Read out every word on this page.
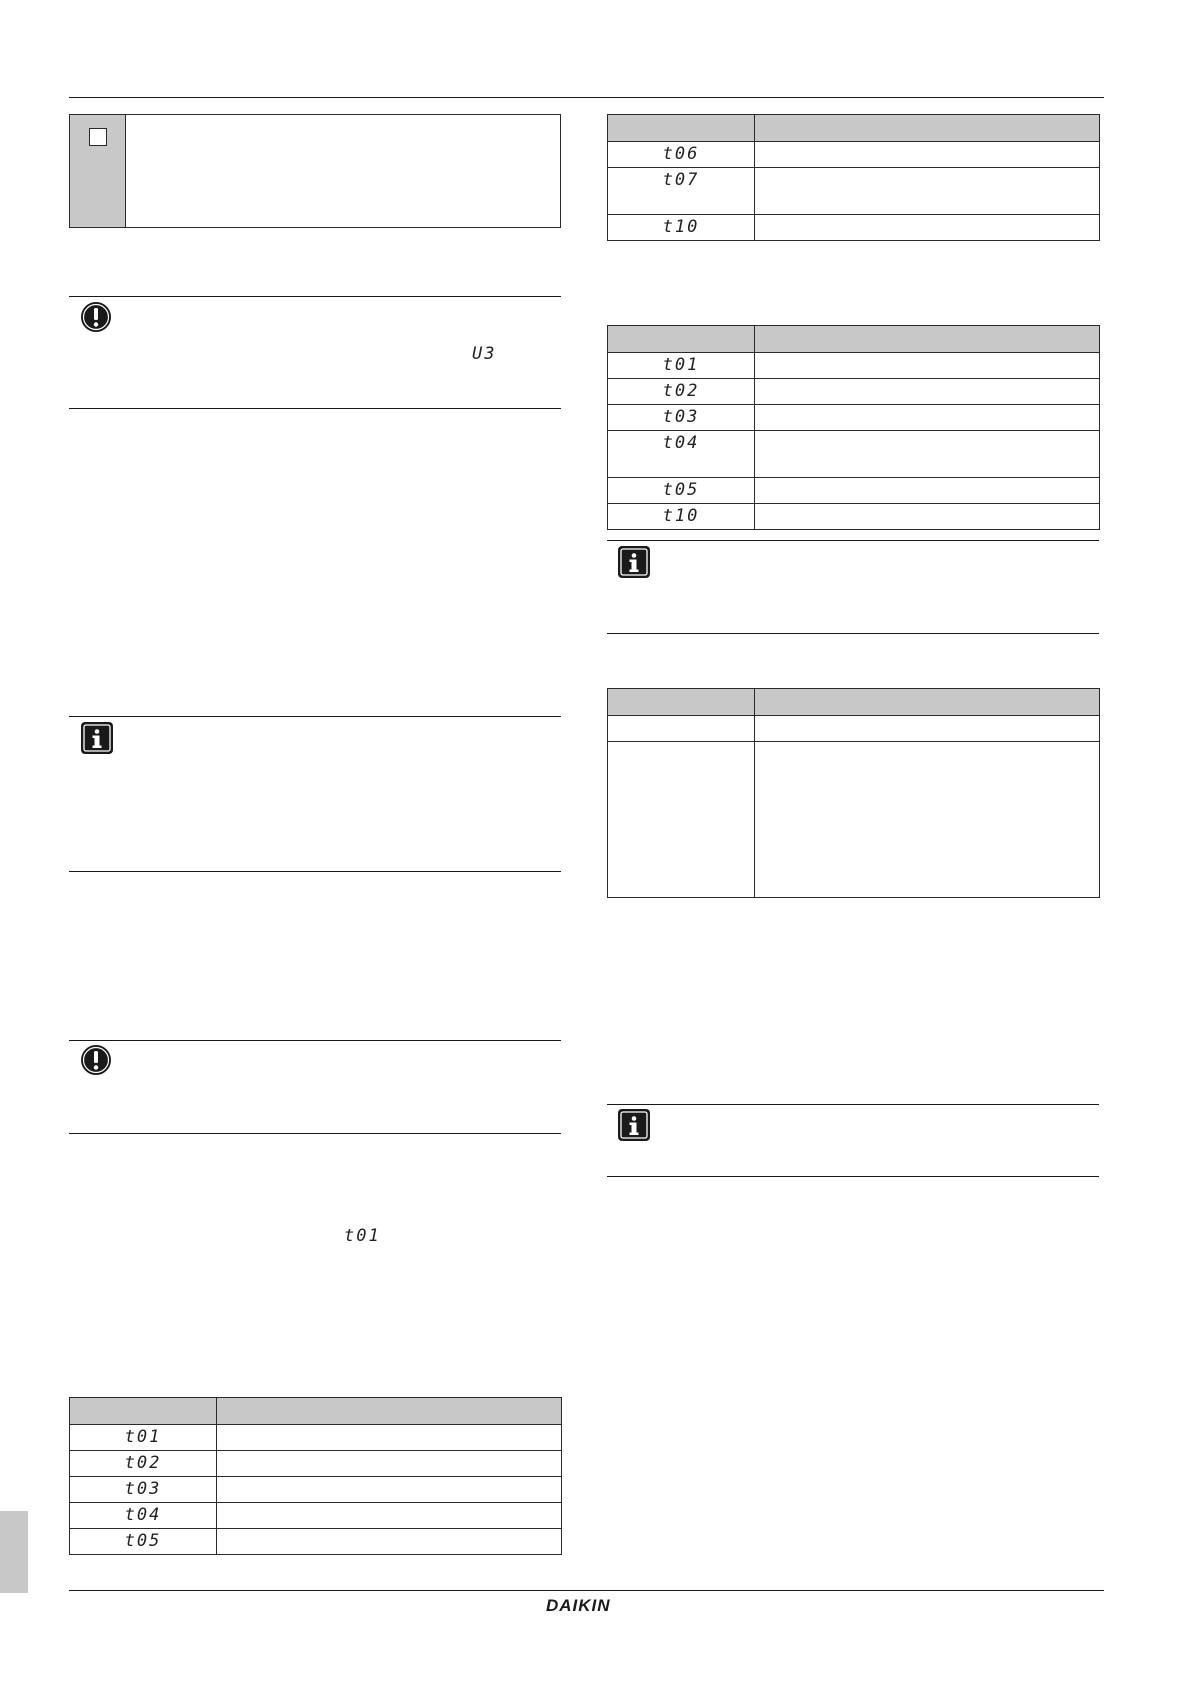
U3
t01

t01	

t02	

t03	

t04	

t05	

t06	

t07	

t10	

t01	

t02	

t03	

t04	

t05	

t10	

DAIKIN
